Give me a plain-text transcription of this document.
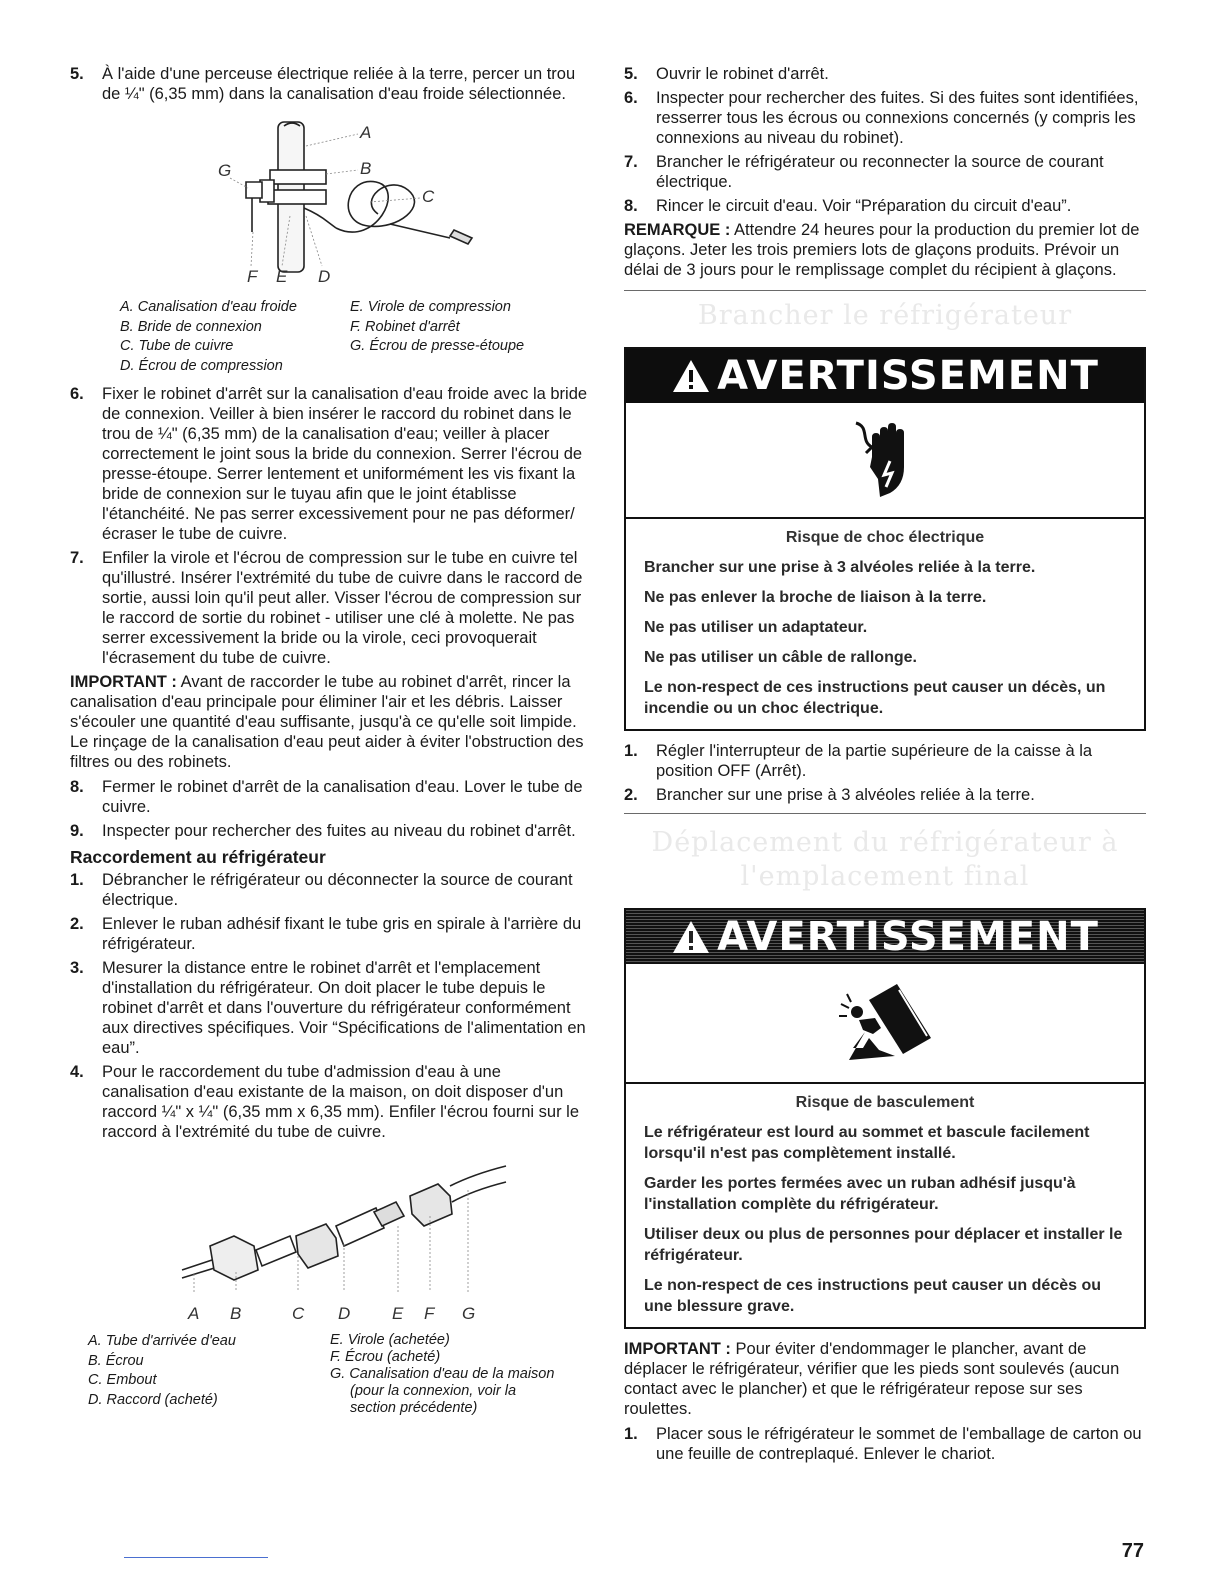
5. À l'aide d'une perceuse électrique reliée à la terre, percer un trou de ¼" (6,35 mm) dans la canalisation d'eau froide sélectionnée.
A
B
C
D
E
F
G
A. Canalisation d'eau froide
B. Bride de connexion
C. Tube de cuivre
D. Écrou de compression
E. Virole de compression
F. Robinet d'arrêt
G. Écrou de presse-étoupe
6. Fixer le robinet d'arrêt sur la canalisation d'eau froide avec la bride de connexion. Veiller à bien insérer le raccord du robinet dans le trou de ¼" (6,35 mm) de la canalisation d'eau; veiller à placer correctement le joint sous la bride du connexion. Serrer l'écrou de presse-étoupe. Serrer lentement et uniformément les vis fixant la bride de connexion sur le tuyau afin que le joint établisse l'étanchéité. Ne pas serrer excessivement pour ne pas déformer/écraser le tube de cuivre.
7. Enfiler la virole et l'écrou de compression sur le tube en cuivre tel qu'illustré. Insérer l'extrémité du tube de cuivre dans le raccord de sortie, aussi loin qu'il peut aller. Visser l'écrou de compression sur le raccord de sortie du robinet - utiliser une clé à molette. Ne pas serrer excessivement la bride ou la virole, ceci provoquerait l'écrasement du tube de cuivre.
IMPORTANT : Avant de raccorder le tube au robinet d'arrêt, rincer la canalisation d'eau principale pour éliminer l'air et les débris. Laisser s'écouler une quantité d'eau suffisante, jusqu'à ce qu'elle soit limpide. Le rinçage de la canalisation d'eau peut aider à éviter l'obstruction des filtres ou des robinets.
8. Fermer le robinet d'arrêt de la canalisation d'eau. Lover le tube de cuivre.
9. Inspecter pour rechercher des fuites au niveau du robinet d'arrêt.
Raccordement au réfrigérateur
1. Débrancher le réfrigérateur ou déconnecter la source de courant électrique.
2. Enlever le ruban adhésif fixant le tube gris en spirale à l'arrière du réfrigérateur.
3. Mesurer la distance entre le robinet d'arrêt et l'emplacement d'installation du réfrigérateur. On doit placer le tube depuis le robinet d'arrêt et dans l'ouverture du réfrigérateur conformément aux directives spécifiques. Voir “Spécifications de l'alimentation en eau”.
4. Pour le raccordement du tube d'admission d'eau à une canalisation d'eau existante de la maison, on doit disposer d'un raccord ¼" x ¼" (6,35 mm x 6,35 mm). Enfiler l'écrou fourni sur le raccord à l'extrémité du tube de cuivre.
A B	C D E F G
A. Tube d'arrivée d'eau
B. Écrou
C. Embout
D. Raccord (acheté)
E. Virole (achetée)
F. Écrou (acheté)
G. Canalisation d'eau de la maison
(pour la connexion, voir la
section précédente)
5. Ouvrir le robinet d'arrêt.
6. Inspecter pour rechercher des fuites. Si des fuites sont identifiées, resserrer tous les écrous ou connexions concernés (y compris les connexions au niveau du robinet).
7. Brancher le réfrigérateur ou reconnecter la source de courant électrique.
8. Rincer le circuit d'eau. Voir “Préparation du circuit d'eau”.
REMARQUE : Attendre 24 heures pour la production du premier lot de glaçons. Jeter les trois premiers lots de glaçons produits. Prévoir un délai de 3 jours pour le remplissage complet du récipient à glaçons.
Brancher le réfrigérateur
AVERTISSEMENT
Risque de choc électrique
Brancher sur une prise à 3 alvéoles reliée à la terre.
Ne pas enlever la broche de liaison à la terre.
Ne pas utiliser un adaptateur.
Ne pas utiliser un câble de rallonge.
Le non-respect de ces instructions peut causer un décès, un incendie ou un choc électrique.
1. Régler l'interrupteur de la partie supérieure de la caisse à la position OFF (Arrêt).
2. Brancher sur une prise à 3 alvéoles reliée à la terre.
Déplacement du réfrigérateur à
l'emplacement final
AVERTISSEMENT
Risque de basculement
Le réfrigérateur est lourd au sommet et bascule facilement lorsqu'il n'est pas complètement installé.
Garder les portes fermées avec un ruban adhésif jusqu'à l'installation complète du réfrigérateur.
Utiliser deux ou plus de personnes pour déplacer et installer le réfrigérateur.
Le non-respect de ces instructions peut causer un décès ou une blessure grave.
IMPORTANT : Pour éviter d'endommager le plancher, avant de déplacer le réfrigérateur, vérifier que les pieds sont soulevés (aucun contact avec le plancher) et que le réfrigérateur repose sur ses roulettes.
1. Placer sous le réfrigérateur le sommet de l'emballage de carton ou une feuille de contreplaqué. Enlever le chariot.
77
